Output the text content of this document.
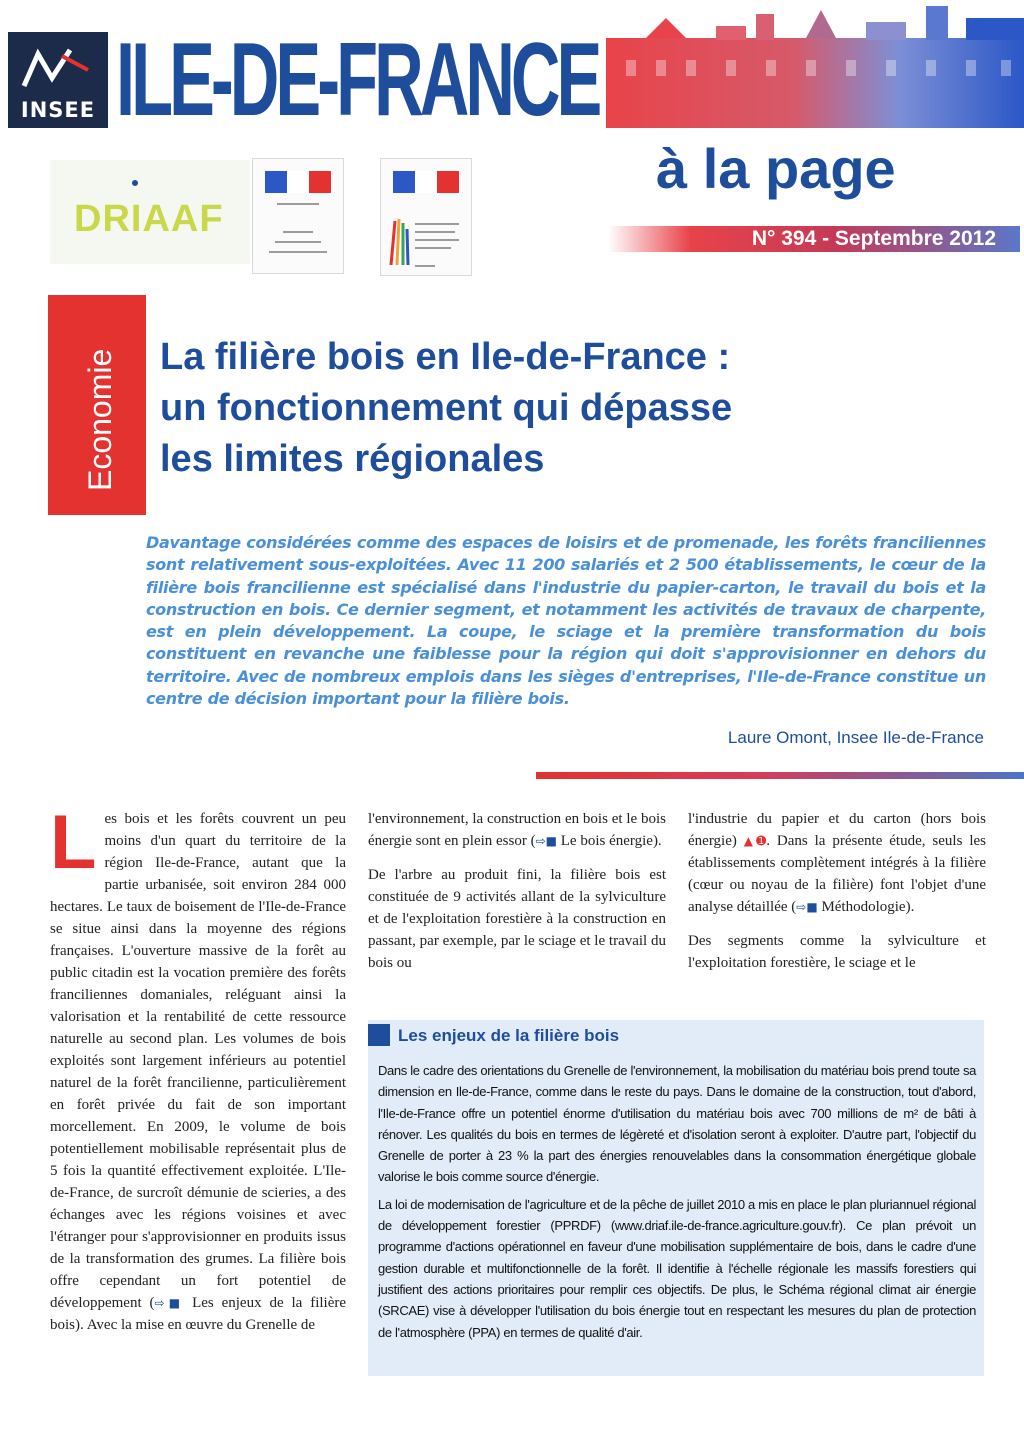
INSEE ILE-DE-FRANCE
à la page
N° 394 - Septembre 2012
DRIAAF
Economie La filière bois en Ile-de-France :
un fonctionnement qui dépasse
les limites régionales
Davantage considérées comme des espaces de loisirs et de promenade, les forêts franciliennes sont relativement sous-exploitées. Avec 11 200 salariés et 2 500 établissements, le cœur de la filière bois francilienne est spécialisé dans l'industrie du papier-carton, le travail du bois et la construction en bois. Ce dernier segment, et notamment les activités de travaux de charpente, est en plein développement. La coupe, le sciage et la première transformation du bois constituent en revanche une faiblesse pour la région qui doit s'approvisionner en dehors du territoire. Avec de nombreux emplois dans les sièges d'entreprises, l'Ile-de-France constitue un centre de décision important pour la filière bois.
Laure Omont, Insee Ile-de-France

L es bois et les forêts couvrent un peu moins d'un quart du territoire de la région Ile-de-France, autant que la partie urbanisée, soit environ 284 000 hectares. Le taux de boisement de l'Ile-de-France se situe ainsi dans la moyenne des régions françaises. L'ouverture massive de la forêt au public citadin est la vocation première des forêts franciliennes domaniales, reléguant ainsi la valorisation et la rentabilité de cette ressource naturelle au second plan. Les volumes de bois exploités sont largement inférieurs au potentiel naturel de la forêt francilienne, particulièrement en forêt privée du fait de son important morcellement. En 2009, le volume de bois potentiellement mobilisable représentait plus de 5 fois la quantité effectivement exploitée. L'Ile-de-France, de surcroît démunie de scieries, a des échanges avec les régions voisines et avec l'étranger pour s'approvisionner en produits issus de la transformation des grumes. La filière bois offre cependant un fort potentiel de développement (⇨■ Les enjeux de la filière bois). Avec la mise en œuvre du Grenelle de

l'environnement, la construction en bois et le bois énergie sont en plein essor (⇨■ Le bois énergie).

De l'arbre au produit fini, la filière bois est constituée de 9 activités allant de la sylviculture et de l'exploitation forestière à la construction en passant, par exemple, par le sciage et le travail du bois ou

l'industrie du papier et du carton (hors bois énergie) ▲➊. Dans la présente étude, seuls les établissements complètement intégrés à la filière (cœur ou noyau de la filière) font l'objet d'une analyse détaillée (⇨■ Méthodologie).

Des segments comme la sylviculture et l'exploitation forestière, le sciage et le

Les enjeux de la filière bois

Dans le cadre des orientations du Grenelle de l'environnement, la mobilisation du matériau bois prend toute sa dimension en Ile-de-France, comme dans le reste du pays. Dans le domaine de la construction, tout d'abord, l'Ile-de-France offre un potentiel énorme d'utilisation du matériau bois avec 700 millions de m² de bâti à rénover. Les qualités du bois en termes de légèreté et d'isolation seront à exploiter. D'autre part, l'objectif du Grenelle de porter à 23 % la part des énergies renouvelables dans la consommation énergétique globale valorise le bois comme source d'énergie.

La loi de modernisation de l'agriculture et de la pêche de juillet 2010 a mis en place le plan pluriannuel régional de développement forestier (PPRDF) (www.driaf.ile-de-france.agriculture.gouv.fr). Ce plan prévoit un programme d'actions opérationnel en faveur d'une mobilisation supplémentaire de bois, dans le cadre d'une gestion durable et multifonctionnelle de la forêt. Il identifie à l'échelle régionale les massifs forestiers qui justifient des actions prioritaires pour remplir ces objectifs. De plus, le Schéma régional climat air énergie (SRCAE) vise à développer l'utilisation du bois énergie tout en respectant les mesures du plan de protection de l'atmosphère (PPA) en termes de qualité d'air.
